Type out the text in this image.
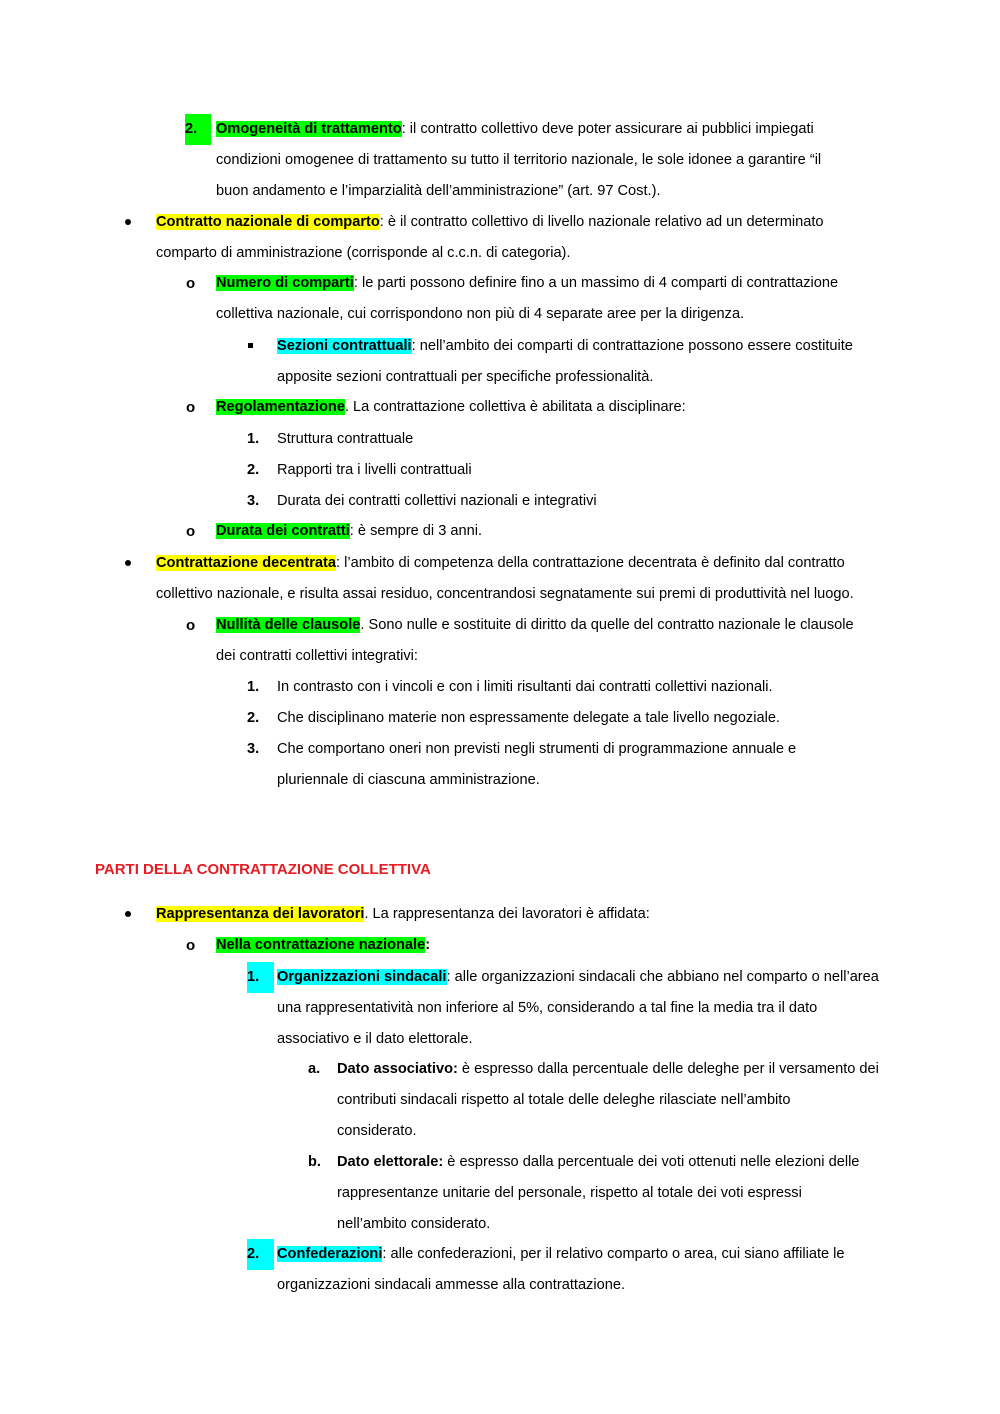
2.	Omogeneità di trattamento: il contratto collettivo deve poter assicurare ai pubblici impiegati
condizioni omogenee di trattamento su tutto il territorio nazionale, le sole idonee a garantire “il
buon andamento e l’imparzialità dell’amministrazione” (art. 97 Cost.).
Contratto nazionale di comparto: è il contratto collettivo di livello nazionale relativo ad un determinato
comparto di amministrazione (corrisponde al c.c.n. di categoria).
o Numero di comparti: le parti possono definire fino a un massimo di 4 comparti di contrattazione
collettiva nazionale, cui corrispondono non più di 4 separate aree per la dirigenza.
Sezioni contrattuali: nell’ambito dei comparti di contrattazione possono essere costituite
apposite sezioni contrattuali per specifiche professionalità.
o Regolamentazione. La contrattazione collettiva è abilitata a disciplinare:
1. Struttura contrattuale
2. Rapporti tra i livelli contrattuali
3. Durata dei contratti collettivi nazionali e integrativi
o Durata dei contratti: è sempre di 3 anni.
Contrattazione decentrata: l’ambito di competenza della contrattazione decentrata è definito dal contratto
collettivo nazionale, e risulta assai residuo, concentrandosi segnatamente sui premi di produttività nel luogo.
o Nullità delle clausole. Sono nulle e sostituite di diritto da quelle del contratto nazionale le clausole
dei contratti collettivi integrativi:
1. In contrasto con i vincoli e con i limiti risultanti dai contratti collettivi nazionali.
2. Che disciplinano materie non espressamente delegate a tale livello negoziale.
3. Che comportano oneri non previsti negli strumenti di programmazione annuale e
pluriennale di ciascuna amministrazione.
PARTI DELLA CONTRATTAZIONE COLLETTIVA
Rappresentanza dei lavoratori. La rappresentanza dei lavoratori è affidata:
o Nella contrattazione nazionale:
1.	Organizzazioni sindacali: alle organizzazioni sindacali che abbiano nel comparto o nell’area
una rappresentatività non inferiore al 5%, considerando a tal fine la media tra il dato
associativo e il dato elettorale.
a. Dato associativo: è espresso dalla percentuale delle deleghe per il versamento dei
contributi sindacali rispetto al totale delle deleghe rilasciate nell’ambito
considerato.
b. Dato elettorale: è espresso dalla percentuale dei voti ottenuti nelle elezioni delle
rappresentanze unitarie del personale, rispetto al totale dei voti espressi
nell’ambito considerato.
2.	Confederazioni: alle confederazioni, per il relativo comparto o area, cui siano affiliate le
organizzazioni sindacali ammesse alla contrattazione.
